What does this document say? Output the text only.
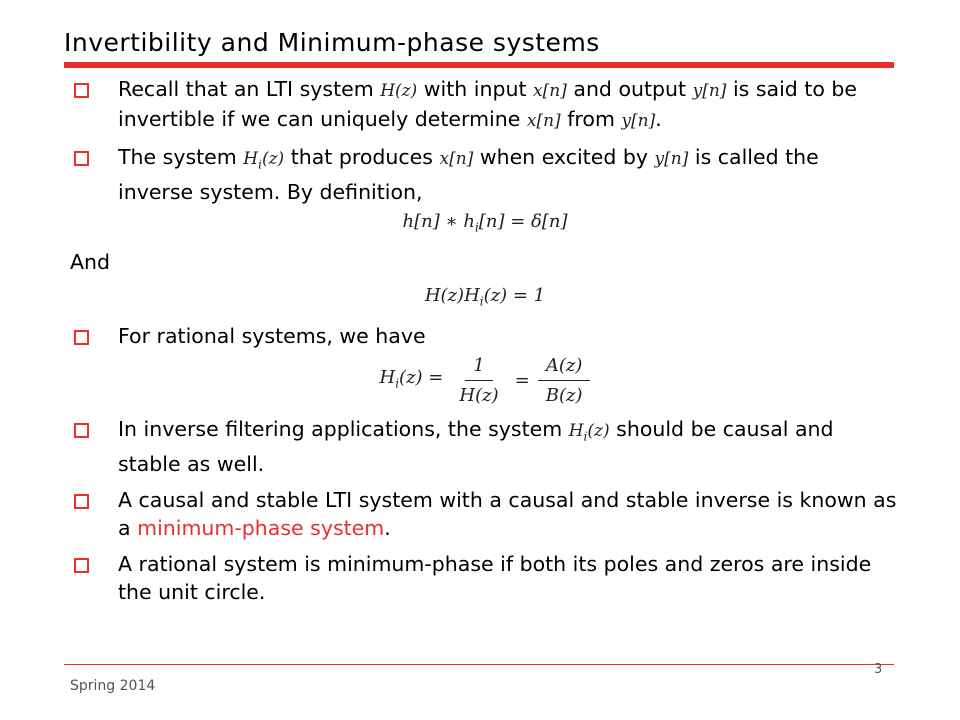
Invertibility and Minimum-phase systems
Recall that an LTI system H(z) with input x[n] and output y[n] is said to be invertible if we can uniquely determine x[n] from y[n].
The system $H_i(z)$ that produces x[n] when excited by y[n] is called the inverse system. By definition,

h[n] ∗ $h_i[n] = \delta[n]$

And

$H(z)H_i(z) = 1$

For rational systems, we have
$H_i(z) = \frac{1}{H(z)} = \frac{A(z)}{B(z)}$
In inverse filtering applications, the system $H_i(z)$ should be causal and stable as well.
A causal and stable LTI system with a causal and stable inverse is known as a minimum-phase system.
A rational system is minimum-phase if both its poles and zeros are inside the unit circle.
3
Spring 2014
